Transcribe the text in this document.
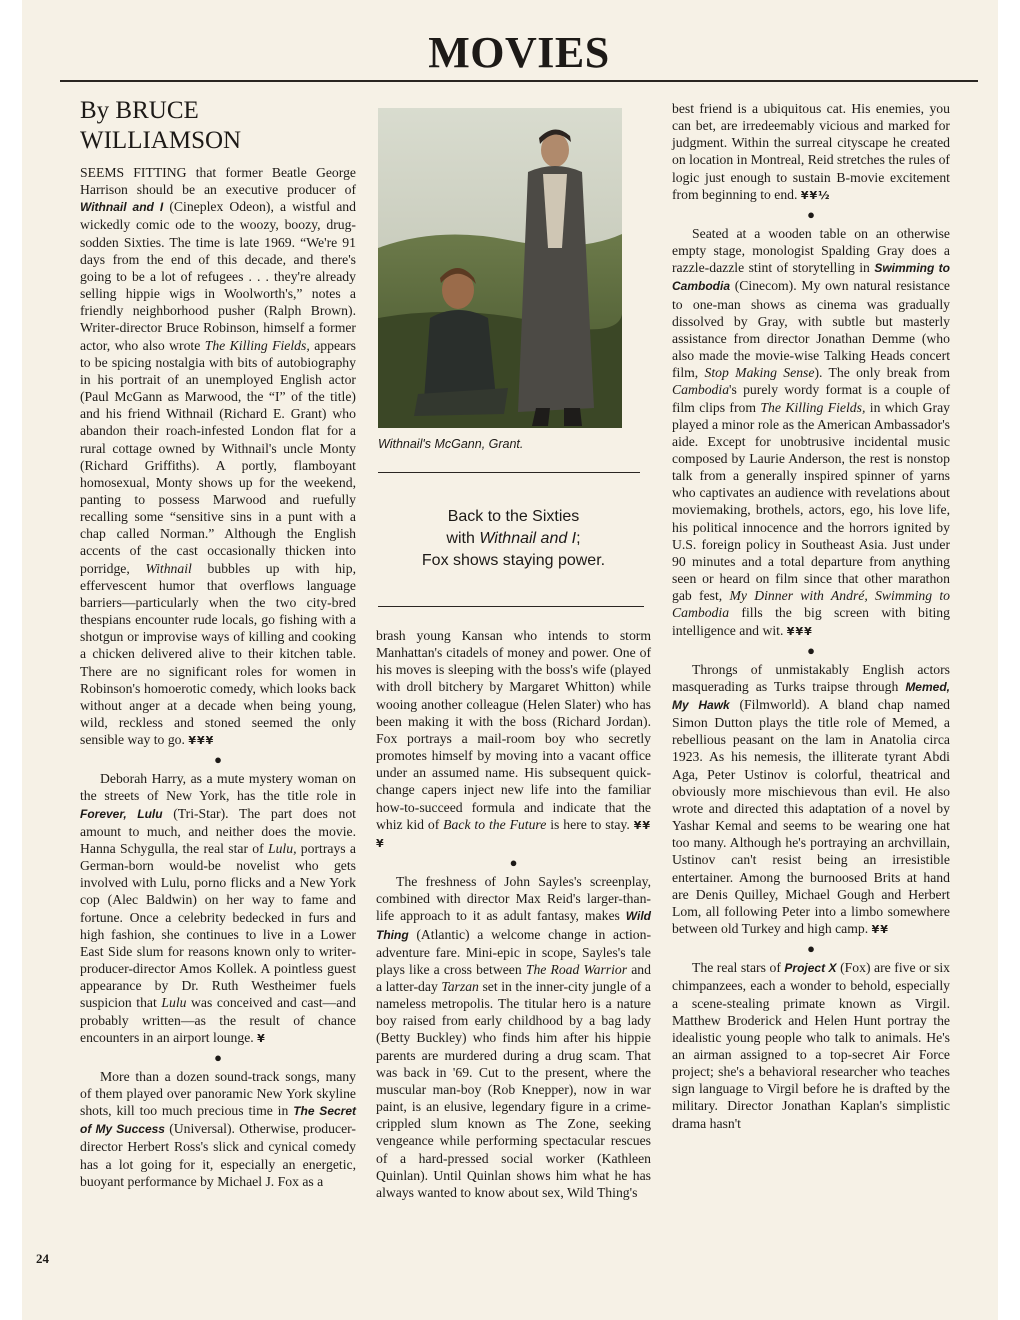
MOVIES
By BRUCE WILLIAMSON

SEEMS FITTING that former Beatle George Harrison should be an executive producer of Withnail and I (Cineplex Odeon), a wistful and wickedly comic ode to the woozy, boozy, drug-sodden Sixties. The time is late 1969. “We're 91 days from the end of this decade, and there's going to be a lot of refugees . . . they're already selling hippie wigs in Woolworth's,” notes a friendly neighborhood pusher (Ralph Brown). Writer-director Bruce Robinson, himself a former actor, who also wrote The Killing Fields, appears to be spicing nostalgia with bits of autobiography in his portrait of an unemployed English actor (Paul McGann as Marwood, the “I” of the title) and his friend Withnail (Richard E. Grant) who abandon their roach-infested London flat for a rural cottage owned by Withnail's uncle Monty (Richard Griffiths). A portly, flamboyant homosexual, Monty shows up for the weekend, panting to possess Marwood and ruefully recalling some “sensitive sins in a punt with a chap called Norman.” Although the English accents of the cast occasionally thicken into porridge, Withnail bubbles up with hip, effervescent humor that overflows language barriers—particularly when the two city-bred thespians encounter rude locals, go fishing with a shotgun or improvise ways of killing and cooking a chicken delivered alive to their kitchen table. There are no significant roles for women in Robinson's homoerotic comedy, which looks back without anger at a decade when being young, wild, reckless and stoned seemed the only sensible way to go. ¥¥¥

●

Deborah Harry, as a mute mystery woman on the streets of New York, has the title role in Forever, Lulu (Tri-Star). The part does not amount to much, and neither does the movie. Hanna Schygulla, the real star of Lulu, portrays a German-born would-be novelist who gets involved with Lulu, porno flicks and a New York cop (Alec Baldwin) on her way to fame and fortune. Once a celebrity bedecked in furs and high fashion, she continues to live in a Lower East Side slum for reasons known only to writer-producer-director Amos Kollek. A pointless guest appearance by Dr. Ruth Westheimer fuels suspicion that Lulu was conceived and cast—and probably written—as the result of chance encounters in an airport lounge. ¥

●

More than a dozen sound-track songs, many of them played over panoramic New York skyline shots, kill too much precious time in The Secret of My Success (Universal). Otherwise, producer-director Herbert Ross's slick and cynical comedy has a lot going for it, especially an energetic, buoyant performance by Michael J. Fox as a

Withnail's McGann, Grant.
Back to the Sixties
with Withnail and I;
Fox shows staying power.

brash young Kansan who intends to storm Manhattan's citadels of money and power. One of his moves is sleeping with the boss's wife (played with droll bitchery by Margaret Whitton) while wooing another colleague (Helen Slater) who has been making it with the boss (Richard Jordan). Fox portrays a mail-room boy who secretly promotes himself by moving into a vacant office under an assumed name. His subsequent quick-change capers inject new life into the familiar how-to-succeed formula and indicate that the whiz kid of Back to the Future is here to stay. ¥¥¥

●

The freshness of John Sayles's screenplay, combined with director Max Reid's larger-than-life approach to it as adult fantasy, makes Wild Thing (Atlantic) a welcome change in action-adventure fare. Mini-epic in scope, Sayles's tale plays like a cross between The Road Warrior and a latter-day Tarzan set in the inner-city jungle of a nameless metropolis. The titular hero is a nature boy raised from early childhood by a bag lady (Betty Buckley) who finds him after his hippie parents are murdered during a drug scam. That was back in '69. Cut to the present, where the muscular man-boy (Rob Knepper), now in war paint, is an elusive, legendary figure in a crime-crippled slum known as The Zone, seeking vengeance while performing spectacular rescues of a hard-pressed social worker (Kathleen Quinlan). Until Quinlan shows him what he has always wanted to know about sex, Wild Thing's

best friend is a ubiquitous cat. His enemies, you can bet, are irredeemably vicious and marked for judgment. Within the surreal cityscape he created on location in Montreal, Reid stretches the rules of logic just enough to sustain B-movie excitement from beginning to end. ¥¥½

●

Seated at a wooden table on an otherwise empty stage, monologist Spalding Gray does a razzle-dazzle stint of storytelling in Swimming to Cambodia (Cinecom). My own natural resistance to one-man shows as cinema was gradually dissolved by Gray, with subtle but masterly assistance from director Jonathan Demme (who also made the movie-wise Talking Heads concert film, Stop Making Sense). The only break from Cambodia's purely wordy format is a couple of film clips from The Killing Fields, in which Gray played a minor role as the American Ambassador's aide. Except for unobtrusive incidental music composed by Laurie Anderson, the rest is nonstop talk from a generally inspired spinner of yarns who captivates an audience with revelations about moviemaking, brothels, actors, ego, his love life, his political innocence and the horrors ignited by U.S. foreign policy in Southeast Asia. Just under 90 minutes and a total departure from anything seen or heard on film since that other marathon gab fest, My Dinner with André, Swimming to Cambodia fills the big screen with biting intelligence and wit. ¥¥¥

●

Throngs of unmistakably English actors masquerading as Turks traipse through Memed, My Hawk (Filmworld). A bland chap named Simon Dutton plays the title role of Memed, a rebellious peasant on the lam in Anatolia circa 1923. As his nemesis, the illiterate tyrant Abdi Aga, Peter Ustinov is colorful, theatrical and obviously more mischievous than evil. He also wrote and directed this adaptation of a novel by Yashar Kemal and seems to be wearing one hat too many. Although he's portraying an archvillain, Ustinov can't resist being an irresistible entertainer. Among the burnoosed Brits at hand are Denis Quilley, Michael Gough and Herbert Lom, all following Peter into a limbo somewhere between old Turkey and high camp. ¥¥

●

The real stars of Project X (Fox) are five or six chimpanzees, each a wonder to behold, especially a scene-stealing primate known as Virgil. Matthew Broderick and Helen Hunt portray the idealistic young people who talk to animals. He's an airman assigned to a top-secret Air Force project; she's a behavioral researcher who teaches sign language to Virgil before he is drafted by the military. Director Jonathan Kaplan's simplistic drama hasn't

24
